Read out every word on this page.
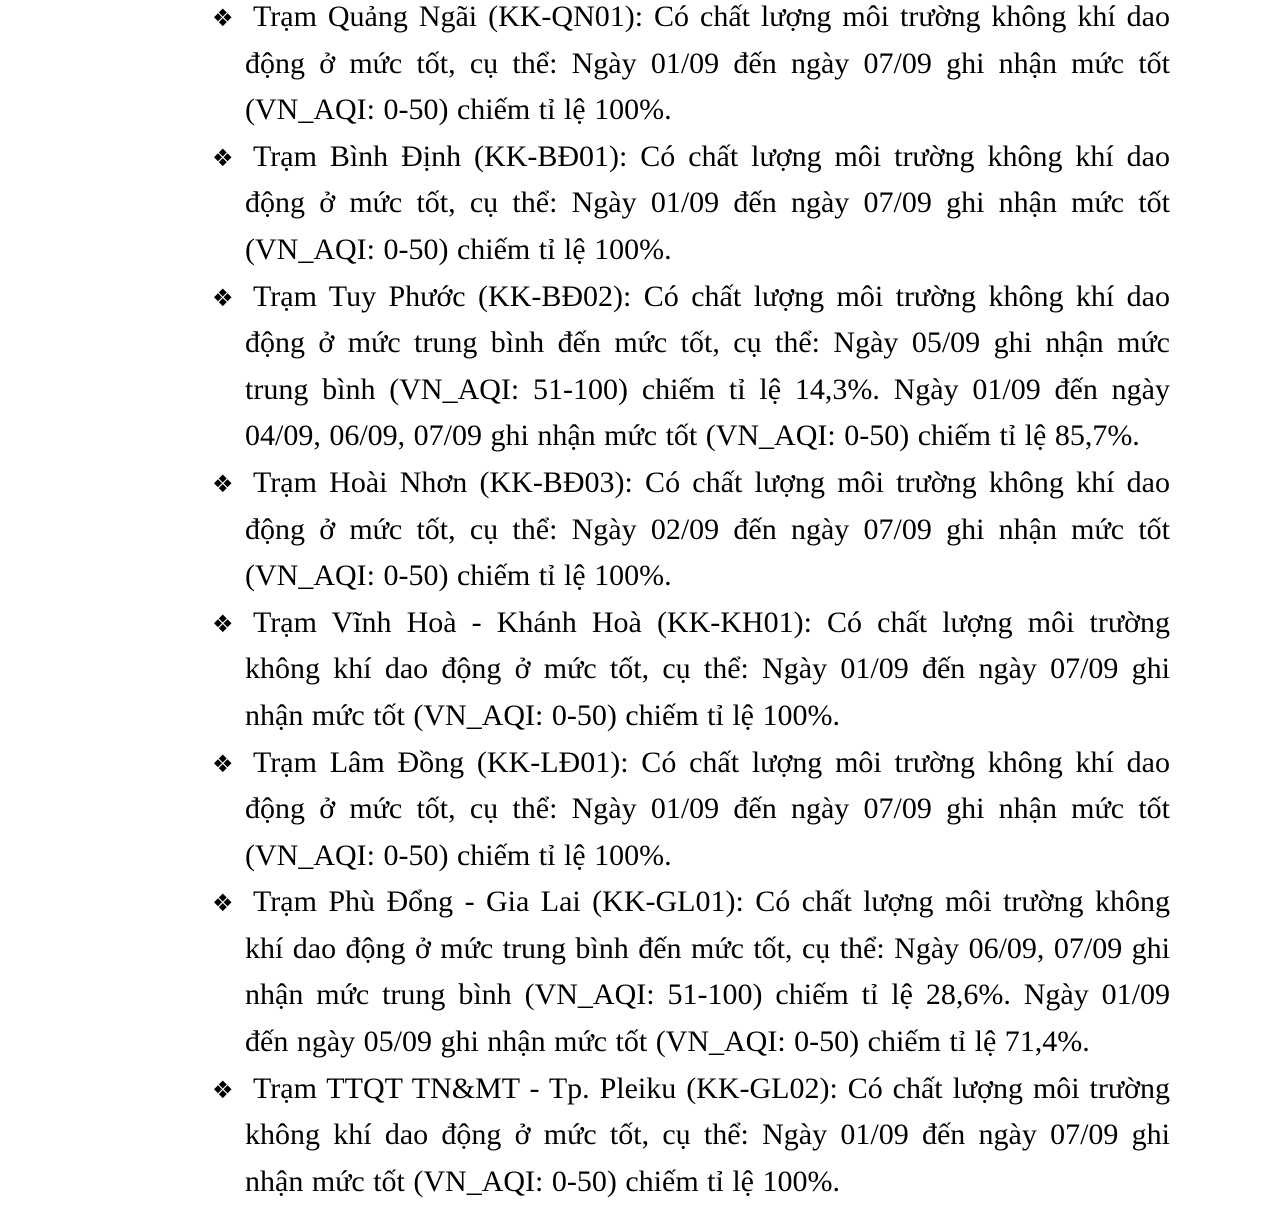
❖ Trạm Quảng Ngãi (KK-QN01): Có chất lượng môi trường không khí dao động ở mức tốt, cụ thể: Ngày 01/09 đến ngày 07/09 ghi nhận mức tốt (VN_AQI: 0-50) chiếm tỉ lệ 100%.

❖ Trạm Bình Định (KK-BĐ01): Có chất lượng môi trường không khí dao động ở mức tốt, cụ thể: Ngày 01/09 đến ngày 07/09 ghi nhận mức tốt (VN_AQI: 0-50) chiếm tỉ lệ 100%.

❖ Trạm Tuy Phước (KK-BĐ02): Có chất lượng môi trường không khí dao động ở mức trung bình đến mức tốt, cụ thể: Ngày 05/09 ghi nhận mức trung bình (VN_AQI: 51-100) chiếm tỉ lệ 14,3%. Ngày 01/09 đến ngày 04/09, 06/09, 07/09 ghi nhận mức tốt (VN_AQI: 0-50) chiếm tỉ lệ 85,7%.

❖ Trạm Hoài Nhơn (KK-BĐ03): Có chất lượng môi trường không khí dao động ở mức tốt, cụ thể: Ngày 02/09 đến ngày 07/09 ghi nhận mức tốt (VN_AQI: 0-50) chiếm tỉ lệ 100%.

❖ Trạm Vĩnh Hoà - Khánh Hoà (KK-KH01): Có chất lượng môi trường không khí dao động ở mức tốt, cụ thể: Ngày 01/09 đến ngày 07/09 ghi nhận mức tốt (VN_AQI: 0-50) chiếm tỉ lệ 100%.

❖ Trạm Lâm Đồng (KK-LĐ01): Có chất lượng môi trường không khí dao động ở mức tốt, cụ thể: Ngày 01/09 đến ngày 07/09 ghi nhận mức tốt (VN_AQI: 0-50) chiếm tỉ lệ 100%.

❖ Trạm Phù Đổng - Gia Lai (KK-GL01): Có chất lượng môi trường không khí dao động ở mức trung bình đến mức tốt, cụ thể: Ngày 06/09, 07/09 ghi nhận mức trung bình (VN_AQI: 51-100) chiếm tỉ lệ 28,6%. Ngày 01/09 đến ngày 05/09 ghi nhận mức tốt (VN_AQI: 0-50) chiếm tỉ lệ 71,4%.

❖ Trạm TTQT TN&MT - Tp. Pleiku (KK-GL02): Có chất lượng môi trường không khí dao động ở mức tốt, cụ thể: Ngày 01/09 đến ngày 07/09 ghi nhận mức tốt (VN_AQI: 0-50) chiếm tỉ lệ 100%.
